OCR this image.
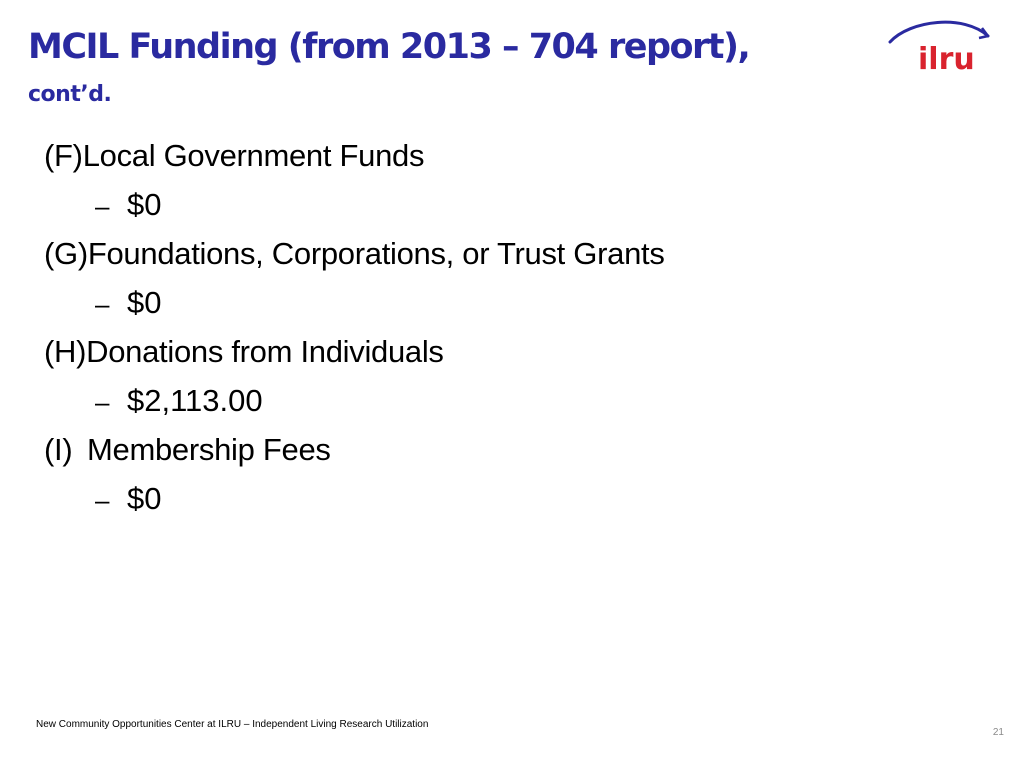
MCIL Funding (from 2013 – 704 report),
cont’d.
ilru
(F) Local Government Funds
– $0
(G) Foundations, Corporations, or Trust Grants
– $0
(H) Donations from Individuals
– $2,113.00
(I) Membership Fees
– $0
New Community Opportunities Center at ILRU – Independent Living Research Utilization
21
